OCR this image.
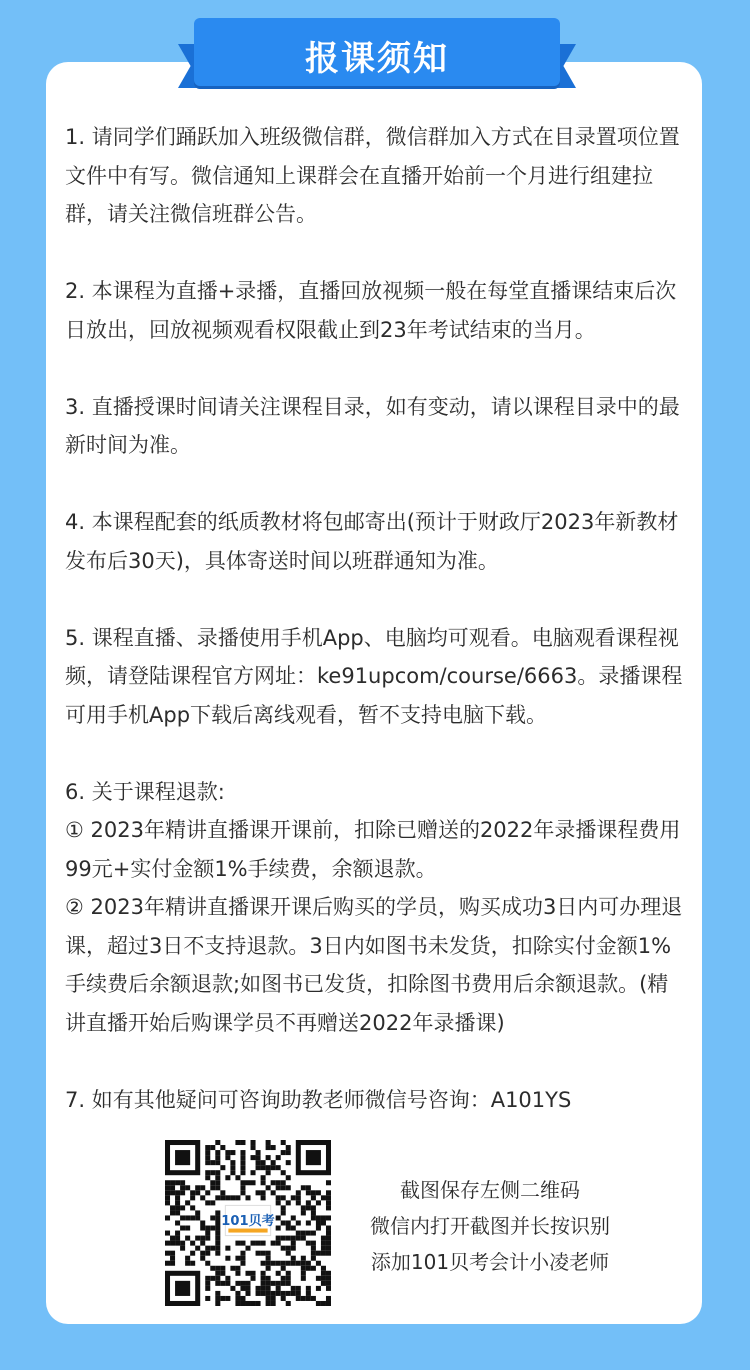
报课须知

1. 请同学们踊跃加入班级微信群，微信群加入方式在目录置项位置文件中有写。微信通知上课群会在直播开始前一个月进行组建拉群，请关注微信班群公告。

2. 本课程为直播+录播，直播回放视频一般在每堂直播课结束后次日放出，回放视频观看权限截止到23年考试结束的当月。

3. 直播授课时间请关注课程目录，如有变动，请以课程目录中的最新时间为准。

4. 本课程配套的纸质教材将包邮寄出(预计于财政厅2023年新教材发布后30天)，具体寄送时间以班群通知为准。

5. 课程直播、录播使用手机App、电脑均可观看。电脑观看课程视频，请登陆课程官方网址：ke91upcom/course/6663。录播课程可用手机App下载后离线观看，暂不支持电脑下载。

6. 关于课程退款:

① 2023年精讲直播课开课前，扣除已赠送的2022年录播课程费用99元+实付金额1%手续费，余额退款。

② 2023年精讲直播课开课后购买的学员，购买成功3日内可办理退课，超过3日不支持退款。3日内如图书未发货，扣除实付金额1%手续费后余额退款;如图书已发货，扣除图书费用后余额退款。(精讲直播开始后购课学员不再赠送2022年录播课)

7. 如有其他疑问可咨询助教老师微信号咨询：A101YS

101贝考
截图保存左侧二维码
微信内打开截图并长按识别
添加101贝考会计小凌老师
